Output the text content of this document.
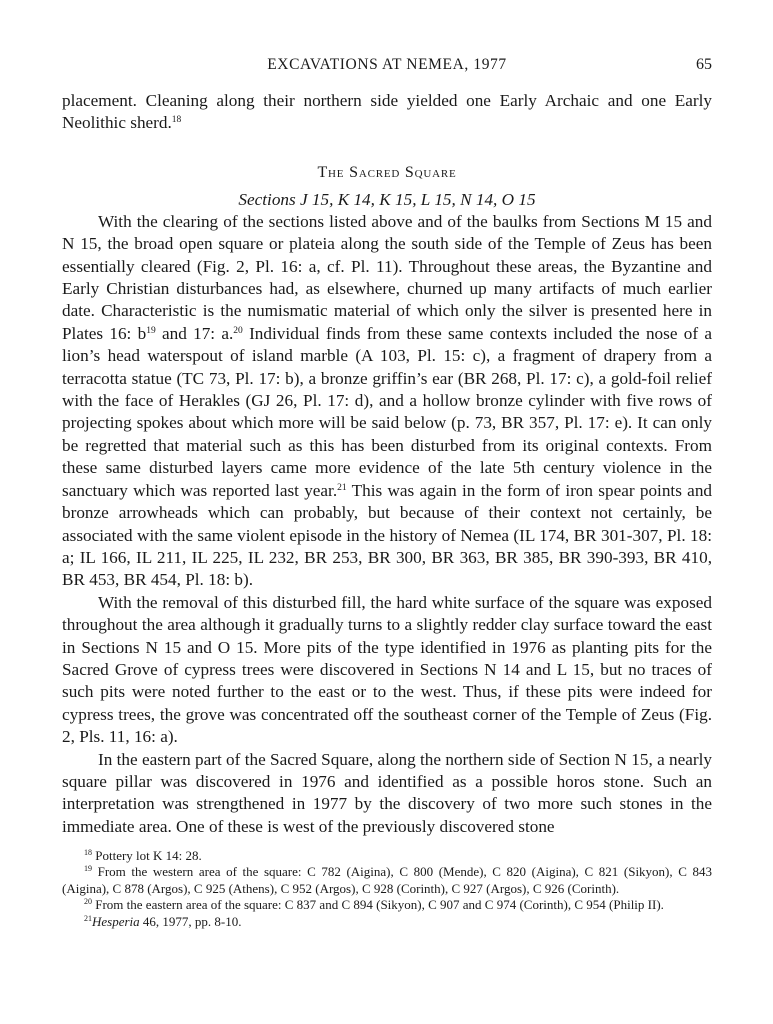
EXCAVATIONS AT NEMEA, 1977	65

placement. Cleaning along their northern side yielded one Early Archaic and one Early Neolithic sherd.$^{18}$

The Sacred Square
Sections J 15, K 14, K 15, L 15, N 14, O 15

With the clearing of the sections listed above and of the baulks from Sections M 15 and N 15, the broad open square or plateia along the south side of the Temple of Zeus has been essentially cleared (Fig. 2, Pl. 16: a, cf. Pl. 11). Throughout these areas, the Byzantine and Early Christian disturbances had, as elsewhere, churned up many artifacts of much earlier date. Characteristic is the numismatic material of which only the silver is presented here in Plates 16: $b^{19}$ and 17: a.$^{20}$ Individual finds from these same contexts included the nose of a lion’s head waterspout of island marble (A 103, Pl. 15: c), a fragment of drapery from a terracotta statue (TC 73, Pl. 17: b), a bronze griffin’s ear (BR 268, Pl. 17: c), a gold-foil relief with the face of Herakles (GJ 26, Pl. 17: d), and a hollow bronze cylinder with five rows of projecting spokes about which more will be said below (p. 73, BR 357, Pl. 17: e). It can only be regretted that material such as this has been disturbed from its original contexts. From these same disturbed layers came more evidence of the late 5th century violence in the sanctuary which was reported last year.$^{21}$ This was again in the form of iron spear points and bronze arrowheads which can probably, but because of their context not certainly, be associated with the same violent episode in the history of Nemea (IL 174, BR 301-307, Pl. 18: a; IL 166, IL 211, IL 225, IL 232, BR 253, BR 300, BR 363, BR 385, BR 390-393, BR 410, BR 453, BR 454, Pl. 18: b).

With the removal of this disturbed fill, the hard white surface of the square was exposed throughout the area although it gradually turns to a slightly redder clay surface toward the east in Sections N 15 and O 15. More pits of the type identified in 1976 as planting pits for the Sacred Grove of cypress trees were discovered in Sections N 14 and L 15, but no traces of such pits were noted further to the east or to the west. Thus, if these pits were indeed for cypress trees, the grove was concentrated off the southeast corner of the Temple of Zeus (Fig. 2, Pls. 11, 16: a).

In the eastern part of the Sacred Square, along the northern side of Section N 15, a nearly square pillar was discovered in 1976 and identified as a possible horos stone. Such an interpretation was strengthened in 1977 by the discovery of two more such stones in the immediate area. One of these is west of the previously discovered stone

$^{18}$ Pottery lot K 14: 28.

$^{19}$ From the western area of the square: C 782 (Aigina), C 800 (Mende), C 820 (Aigina), C 821 (Sikyon), C 843 (Aigina), C 878 (Argos), C 925 (Athens), C 952 (Argos), C 928 (Corinth), C 927 (Argos), C 926 (Corinth).

$^{20}$ From the eastern area of the square: C 837 and C 894 (Sikyon), C 907 and C 974 (Corinth), C 954 (Philip II).

$^{21}$Hesperia 46, 1977, pp. 8-10.
